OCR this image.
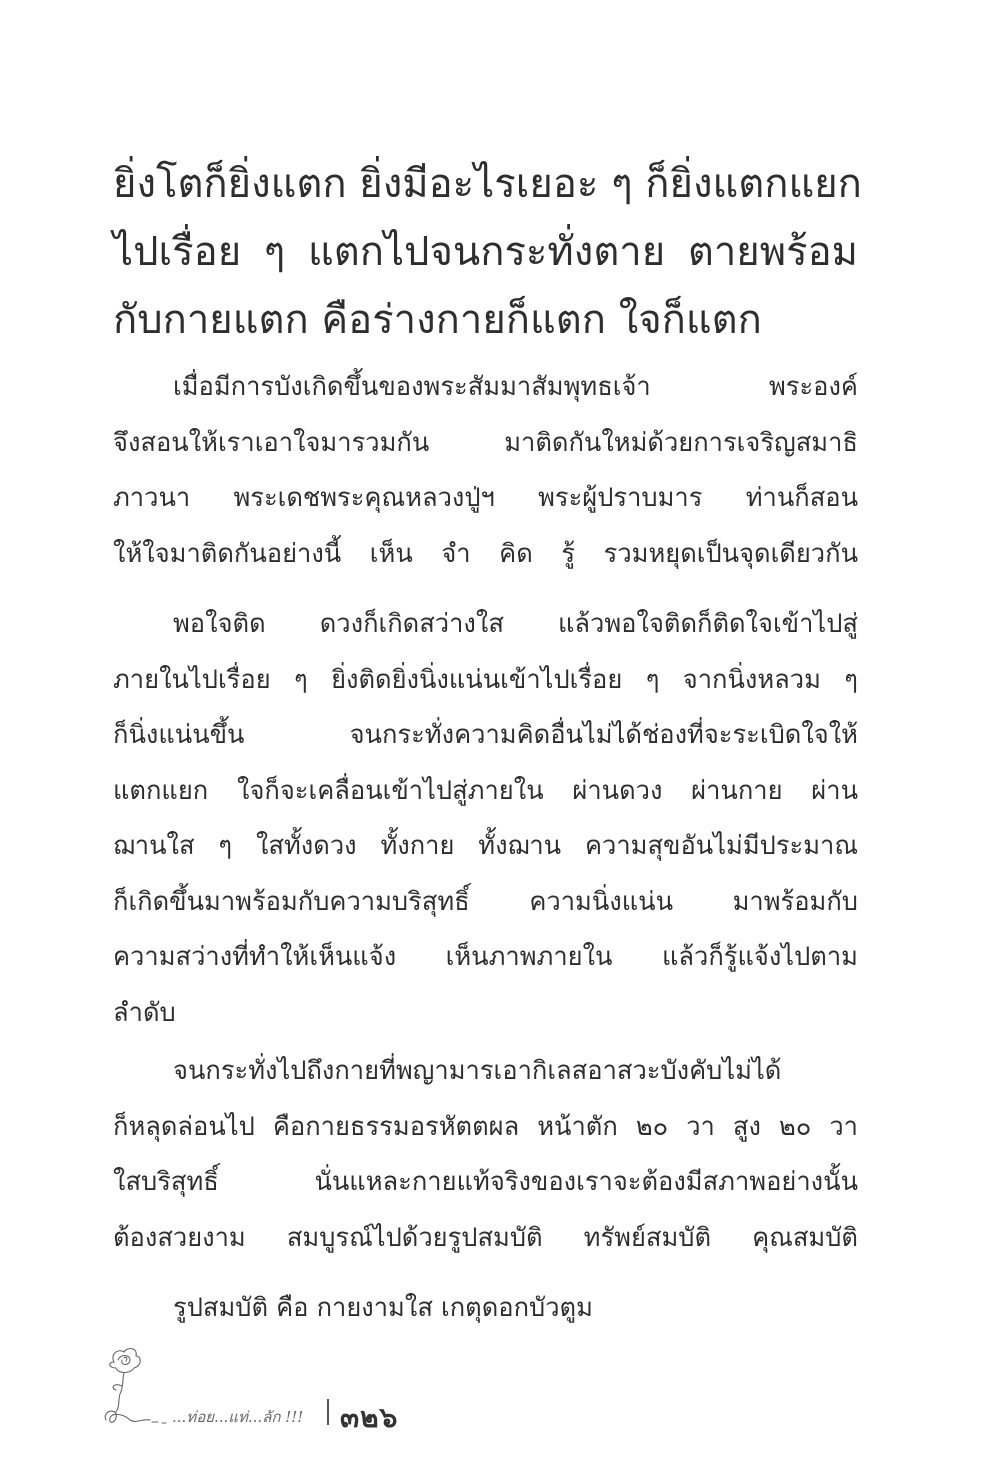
ยิ่งโตก็ยิ่งแตก ยิ่งมีอะไรเยอะ ๆ ก็ยิ่งแตกแยก
ไปเรื่อย ๆ แตกไปจนกระทั่งตาย ตายพร้อม
กับกายแตก คือร่างกายก็แตก ใจก็แตก
เมื่อมีการบังเกิดขึ้นของพระสัมมาสัมพุทธเจ้า พระองค์
จึงสอนให้เราเอาใจมารวมกัน มาติดกันใหม่ด้วยการเจริญสมาธิ
ภาวนา พระเดชพระคุณหลวงปู่ฯ พระผู้ปราบมาร ท่านก็สอน
ให้ใจมาติดกันอย่างนี้ เห็น จำ คิด รู้ รวมหยุดเป็นจุดเดียวกัน
พอใจติด ดวงก็เกิดสว่างใส แล้วพอใจติดก็ติดใจเข้าไปสู่
ภายในไปเรื่อย ๆ ยิ่งติดยิ่งนิ่งแน่นเข้าไปเรื่อย ๆ จากนิ่งหลวม ๆ
ก็นิ่งแน่นขึ้น จนกระทั่งความคิดอื่นไม่ได้ช่องที่จะระเบิดใจให้
แตกแยก ใจก็จะเคลื่อนเข้าไปสู่ภายใน ผ่านดวง ผ่านกาย ผ่าน
ฌานใส ๆ ใสทั้งดวง ทั้งกาย ทั้งฌาน ความสุขอันไม่มีประมาณ
ก็เกิดขึ้นมาพร้อมกับความบริสุทธิ์ ความนิ่งแน่น มาพร้อมกับ
ความสว่างที่ทำให้เห็นแจ้ง เห็นภาพภายใน แล้วก็รู้แจ้งไปตาม
ลำดับ
จนกระทั่งไปถึงกายที่พญามารเอากิเลสอาสวะบังคับไม่ได้
ก็หลุดล่อนไป คือกายธรรมอรหัตตผล หน้าตัก ๒๐ วา สูง ๒๐ วา
ใสบริสุทธิ์ นั่นแหละกายแท้จริงของเราจะต้องมีสภาพอย่างนั้น
ต้องสวยงาม สมบูรณ์ไปด้วยรูปสมบัติ ทรัพย์สมบัติ คุณสมบัติ
รูปสมบัติ คือ กายงามใส เกตุดอกบัวตูม
...ท่อย...แท่...ลัก !!! ๓๒๖
